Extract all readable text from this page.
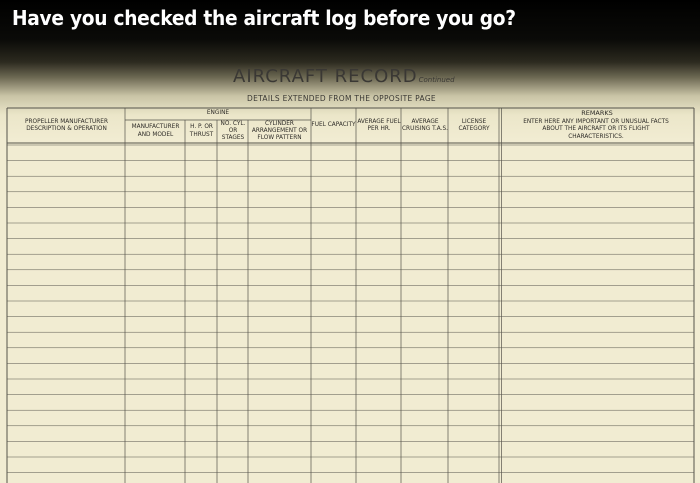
Have you checked the aircraft log before you go?
AIRCRAFT RECORDContinued
DETAILS EXTENDED FROM THE OPPOSITE PAGE
PROPELLER MANUFACTURER DESCRIPTION & OPERATION
ENGINE
MANUFACTURER AND MODEL
H. P. OR THRUST
NO. CYL. OR STAGES
CYLINDER ARRANGEMENT OR FLOW PATTERN
FUEL CAPACITY
AVERAGE FUEL PER HR.
AVERAGE CRUISING T.A.S.
LICENSE CATEGORY
REMARKS
ENTER HERE ANY IMPORTANT OR UNUSUAL FACTS ABOUT THE AIRCRAFT OR ITS FLIGHT CHARACTERISTICS.
